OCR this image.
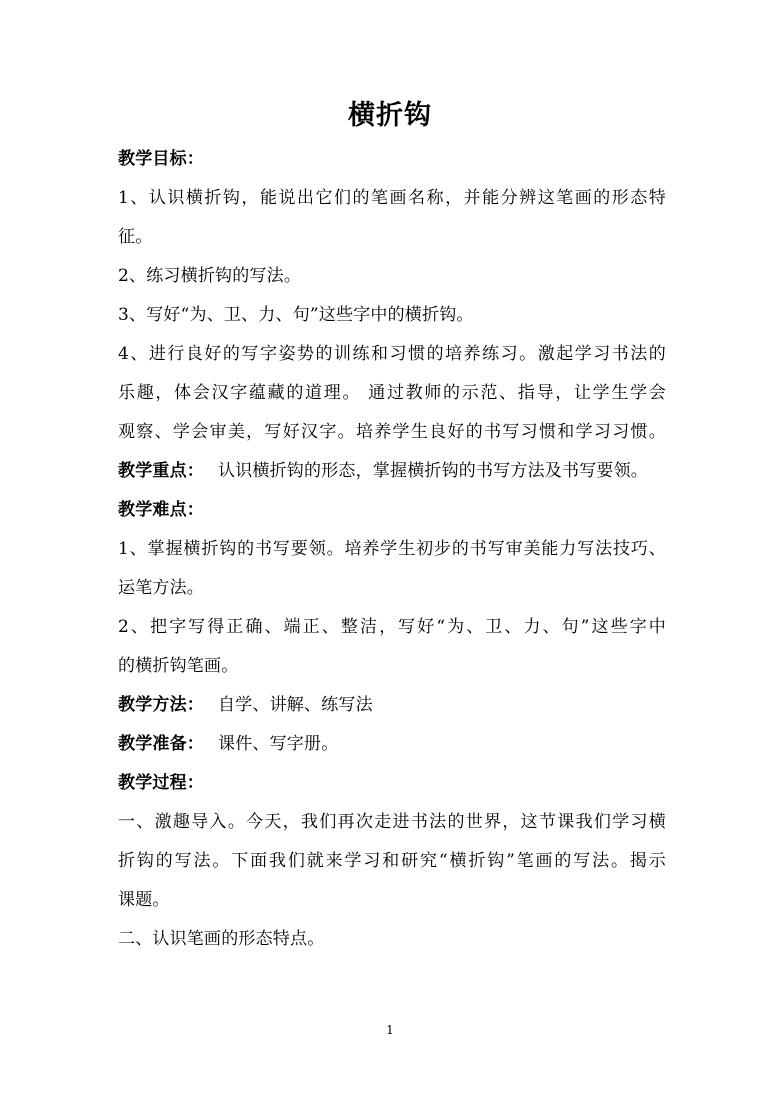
横折钩
教学目标：
1、认识横折钩，能说出它们的笔画名称，并能分辨这笔画的形态特
征。
2、练习横折钩的写法。
3、写好“为、卫、力、句”这些字中的横折钩。
4、进行良好的写字姿势的训练和习惯的培养练习。激起学习书法的
乐趣，体会汉字蕴藏的道理。 通过教师的示范、指导，让学生学会
观察、学会审美，写好汉字。培养学生良好的书写习惯和学习习惯。
教学重点： 认识横折钩的形态，掌握横折钩的书写方法及书写要领。
教学难点：
1、掌握横折钩的书写要领。培养学生初步的书写审美能力写法技巧、
运笔方法。
2、把字写得正确、端正、整洁，写好“为、卫、力、句”这些字中
的横折钩笔画。
教学方法： 自学、讲解、练写法
教学准备： 课件、写字册。
教学过程：
一、激趣导入。今天，我们再次走进书法的世界，这节课我们学习横
折钩的写法。下面我们就来学习和研究“横折钩”笔画的写法。揭示
课题。
二、认识笔画的形态特点。
1
